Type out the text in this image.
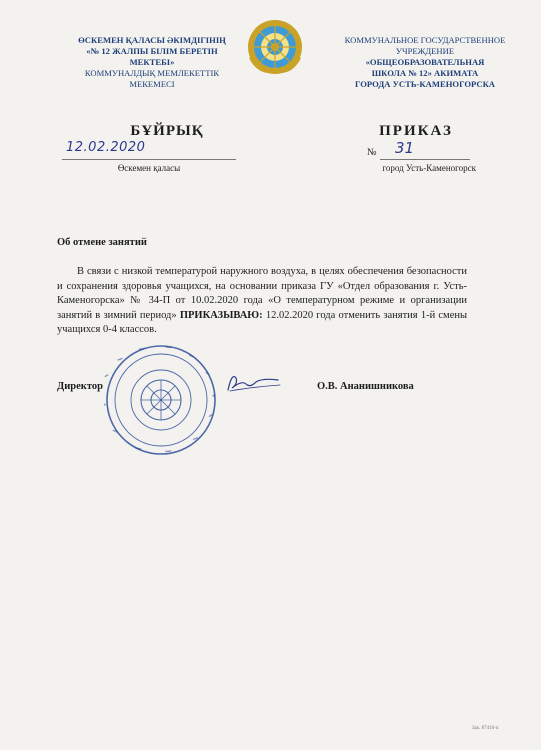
ӨСКЕМЕН ҚАЛАСЫ ӘКІМДІГІНІҢ
«№ 12 ЖАЛПЫ БІЛІМ БЕРЕТІН
МЕКТЕБІ»
КОММУНАЛДЫҚ МЕМЛЕКЕТТІК
МЕКЕМЕСІ
КОММУНАЛЬНОЕ ГОСУДАРСТВЕННОЕ
УЧРЕЖДЕНИЕ
«ОБЩЕОБРАЗОВАТЕЛЬНАЯ
ШКОЛА № 12» АКИМАТА
ГОРОДА УСТЬ-КАМЕНОГОРСКА
БҰЙРЫҚ	ПРИКАЗ
12.02.2020	№ 31
Өскемен қаласы	город Усть-Каменогорск
Об отмене занятий
В связи с низкой температурой наружного воздуха, в целях обеспечения безопасности и сохранения здоровья учащихся, на основании приказа ГУ «Отдел образования г. Усть-Каменогорска» № 34-П от 10.02.2020 года «О температурном режиме и организации занятий в зимний период» ПРИКАЗЫВАЮ: 12.02.2020 года отменить занятия 1-й смены учащихся 0-4 классов.
Директор	О.В. Ананишникова
Зак. 87410-п
